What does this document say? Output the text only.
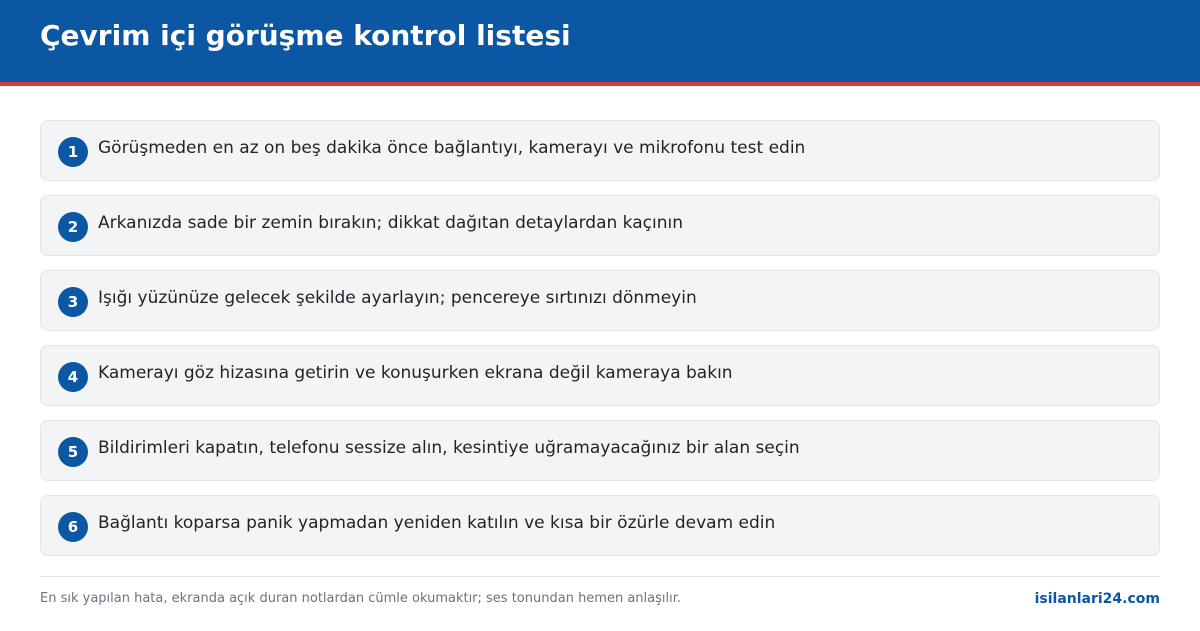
Çevrim içi görüşme kontrol listesi
1	Görüşmeden en az on beş dakika önce bağlantıyı, kamerayı ve mikrofonu test edin
2	Arkanızda sade bir zemin bırakın; dikkat dağıtan detaylardan kaçının
3	Işığı yüzünüze gelecek şekilde ayarlayın; pencereye sırtınızı dönmeyin
4	Kamerayı göz hizasına getirin ve konuşurken ekrana değil kameraya bakın
5	Bildirimleri kapatın, telefonu sessize alın, kesintiye uğramayacağınız bir alan seçin
6	Bağlantı koparsa panik yapmadan yeniden katılın ve kısa bir özürle devam edin
En sık yapılan hata, ekranda açık duran notlardan cümle okumaktır; ses tonundan hemen anlaşılır.	isilanlari24.com
